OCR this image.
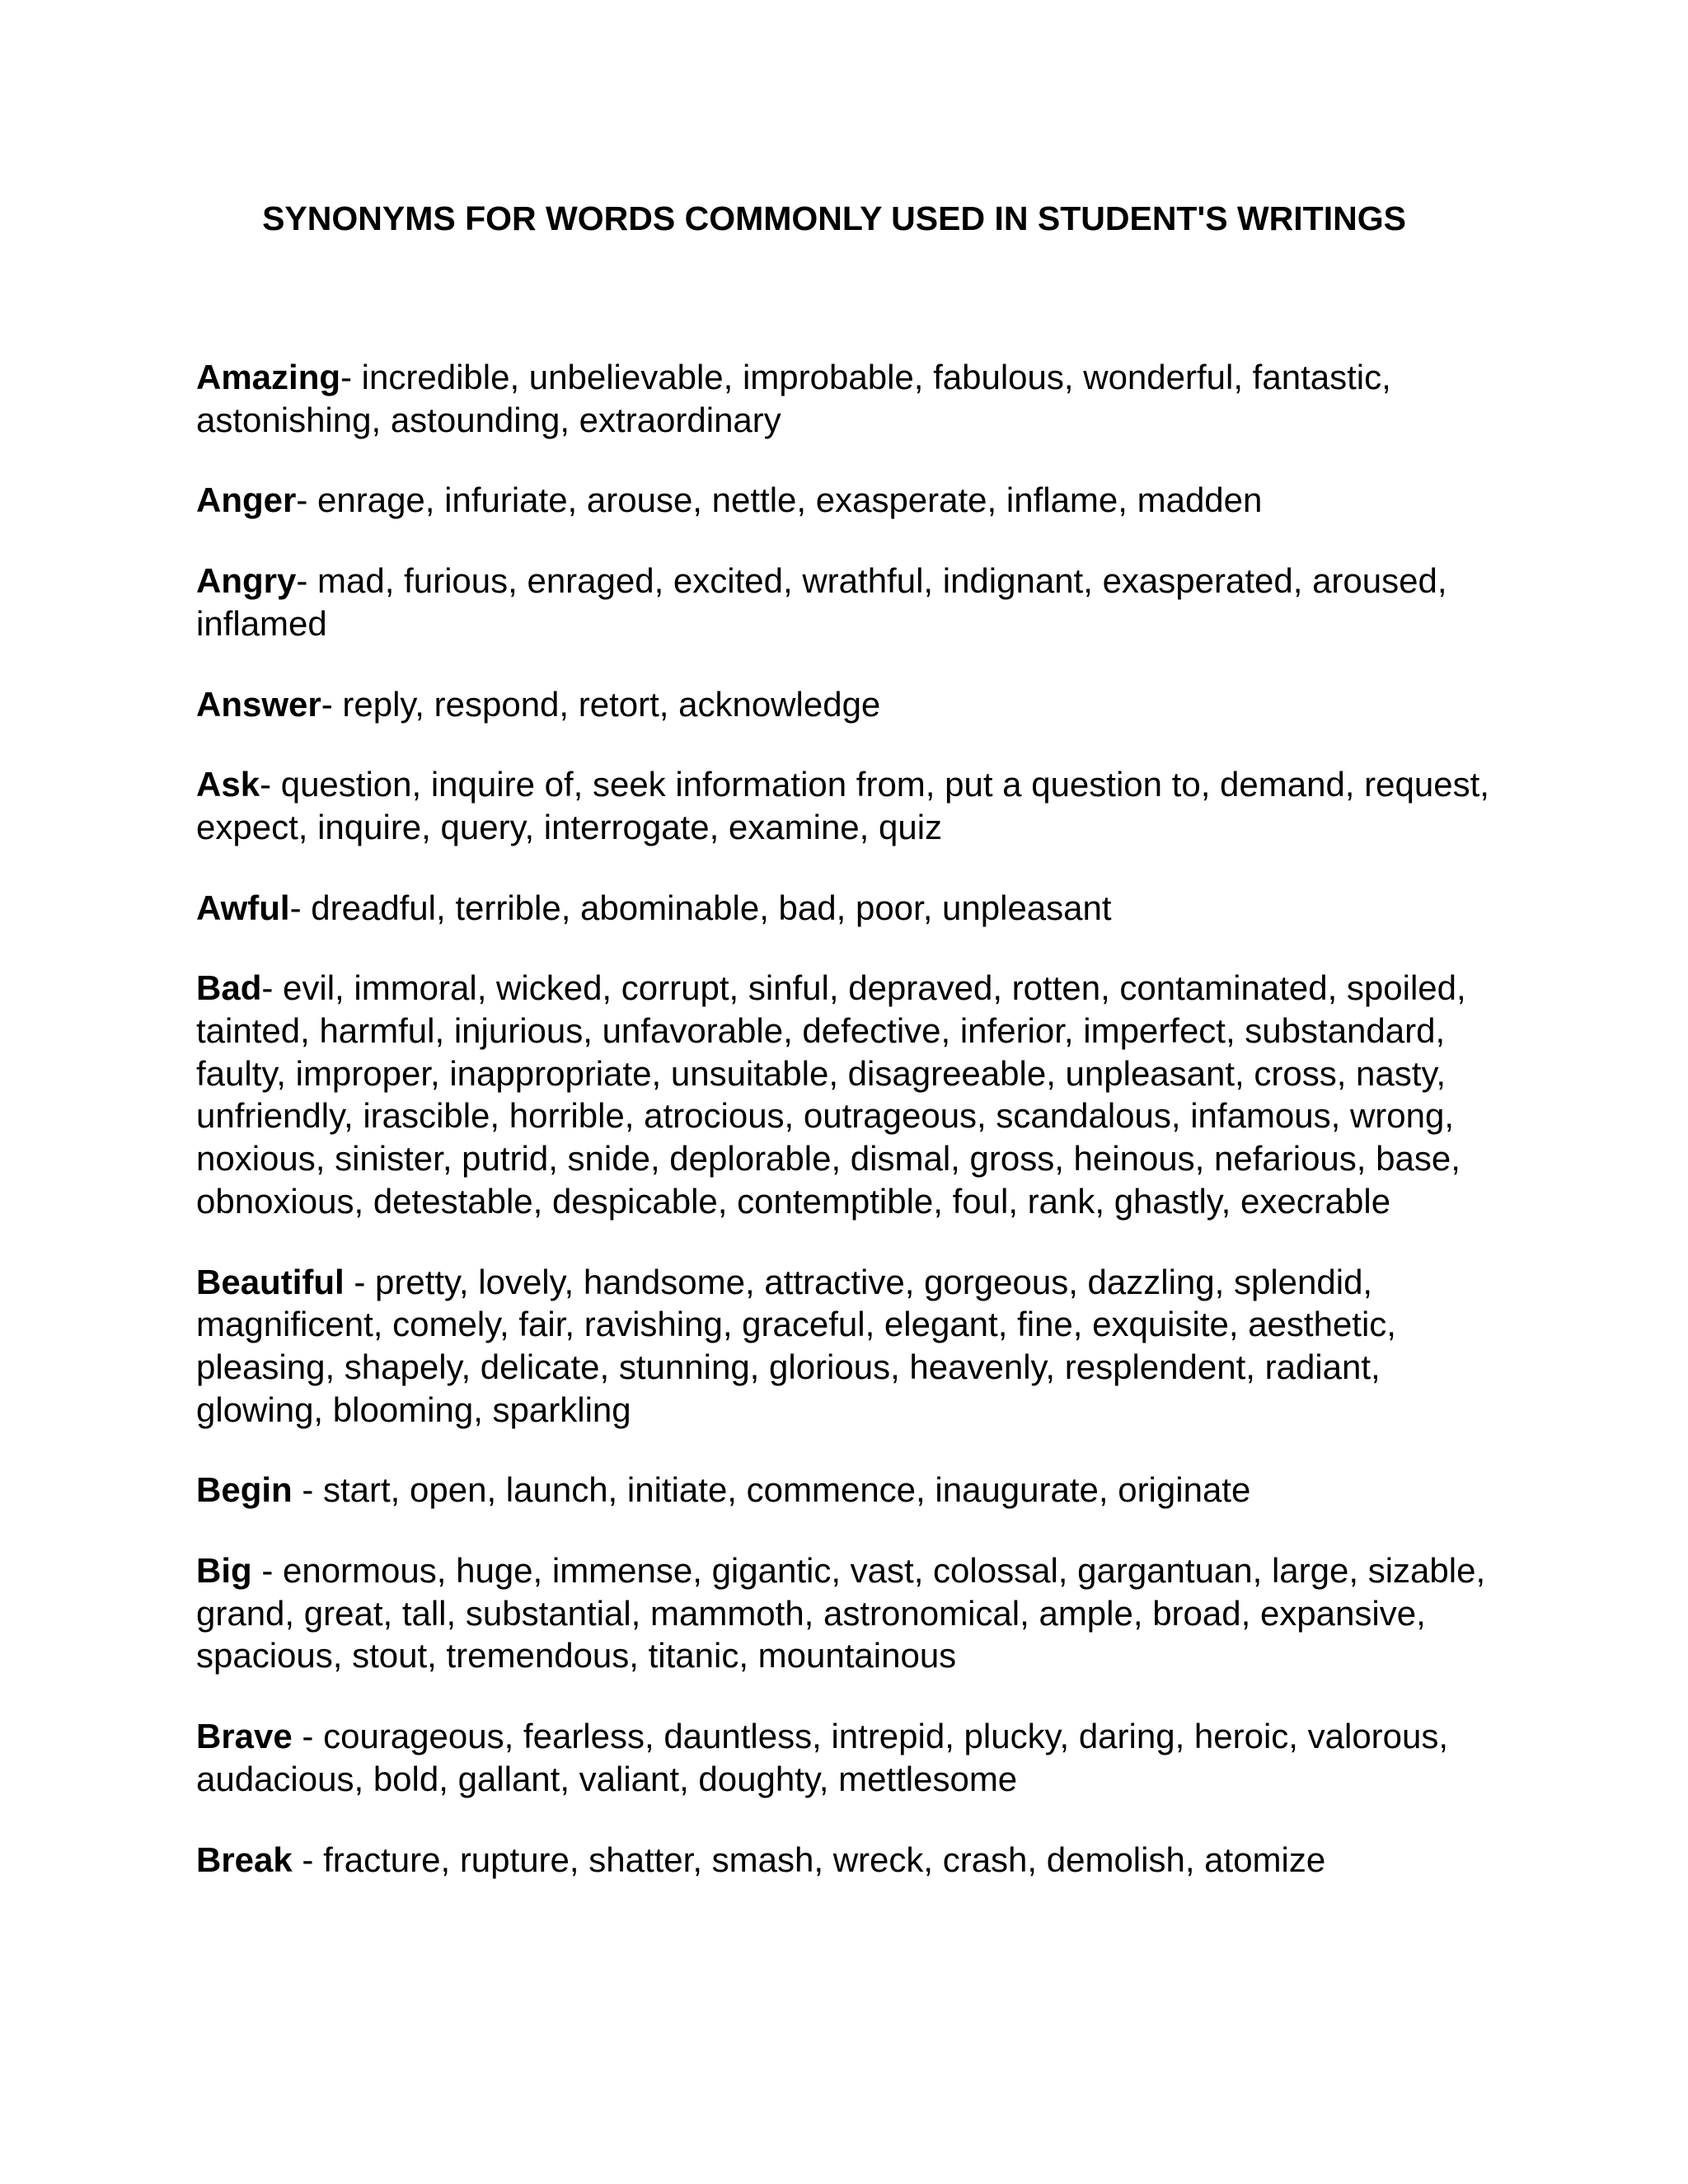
SYNONYMS FOR WORDS COMMONLY USED IN STUDENT'S WRITINGS

Amazing- incredible, unbelievable, improbable, fabulous, wonderful, fantastic, astonishing, astounding, extraordinary

Anger- enrage, infuriate, arouse, nettle, exasperate, inflame, madden

Angry- mad, furious, enraged, excited, wrathful, indignant, exasperated, aroused, inflamed

Answer- reply, respond, retort, acknowledge

Ask- question, inquire of, seek information from, put a question to, demand, request, expect, inquire, query, interrogate, examine, quiz

Awful- dreadful, terrible, abominable, bad, poor, unpleasant

Bad- evil, immoral, wicked, corrupt, sinful, depraved, rotten, contaminated, spoiled, tainted, harmful, injurious, unfavorable, defective, inferior, imperfect, substandard, faulty, improper, inappropriate, unsuitable, disagreeable, unpleasant, cross, nasty, unfriendly, irascible, horrible, atrocious, outrageous, scandalous, infamous, wrong, noxious, sinister, putrid, snide, deplorable, dismal, gross, heinous, nefarious, base, obnoxious, detestable, despicable, contemptible, foul, rank, ghastly, execrable

Beautiful - pretty, lovely, handsome, attractive, gorgeous, dazzling, splendid, magnificent, comely, fair, ravishing, graceful, elegant, fine, exquisite, aesthetic, pleasing, shapely, delicate, stunning, glorious, heavenly, resplendent, radiant, glowing, blooming, sparkling

Begin - start, open, launch, initiate, commence, inaugurate, originate

Big - enormous, huge, immense, gigantic, vast, colossal, gargantuan, large, sizable, grand, great, tall, substantial, mammoth, astronomical, ample, broad, expansive, spacious, stout, tremendous, titanic, mountainous

Brave - courageous, fearless, dauntless, intrepid, plucky, daring, heroic, valorous, audacious, bold, gallant, valiant, doughty, mettlesome

Break - fracture, rupture, shatter, smash, wreck, crash, demolish, atomize
